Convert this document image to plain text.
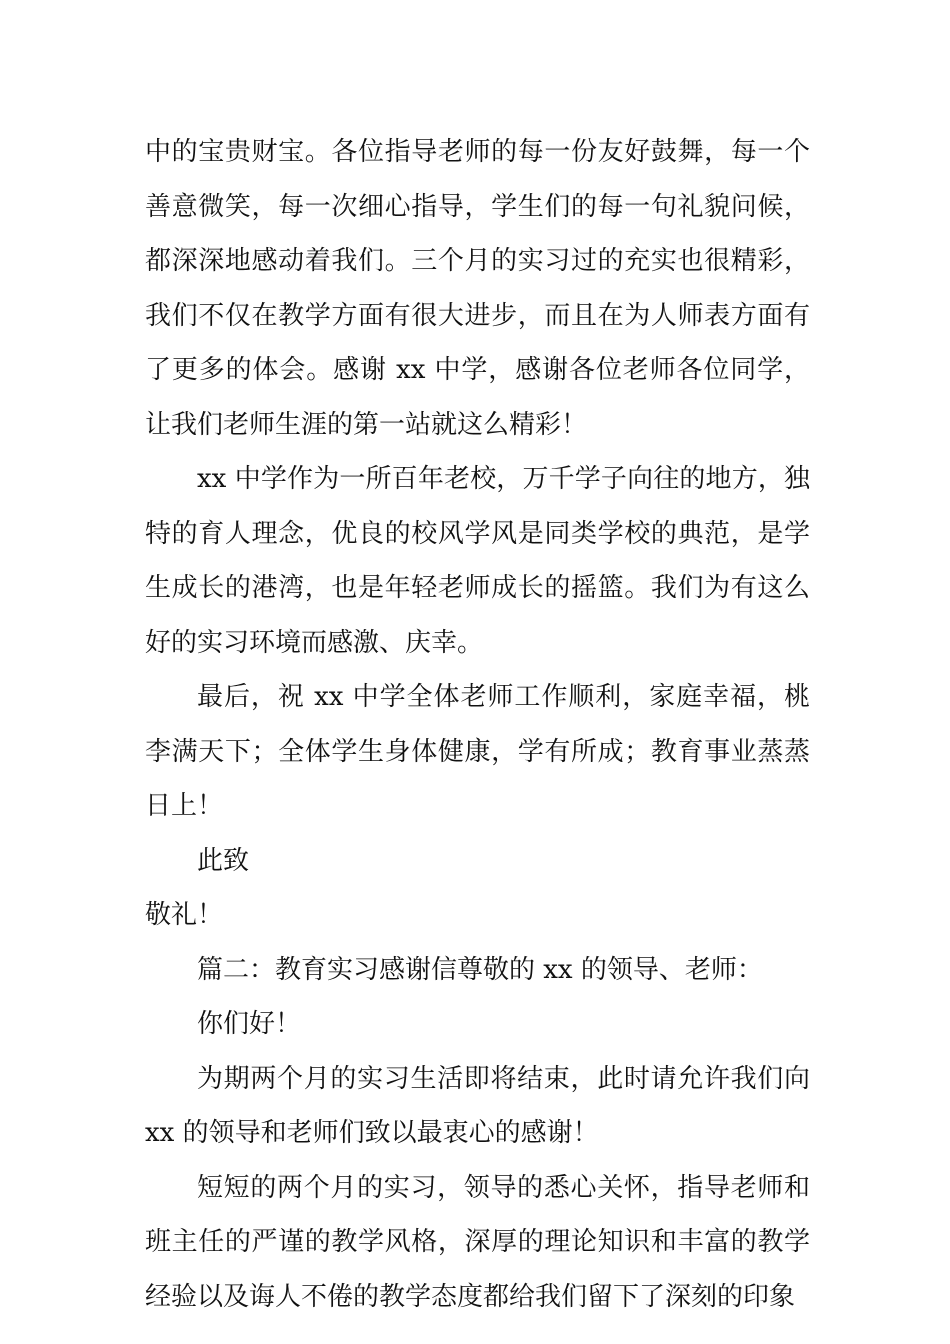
中的宝贵财宝。各位指导老师的每一份友好鼓舞，每一个善意微笑，每一次细心指导，学生们的每一句礼貌问候，都深深地感动着我们。三个月的实习过的充实也很精彩，我们不仅在教学方面有很大进步，而且在为人师表方面有了更多的体会。感谢 xx 中学，感谢各位老师各位同学，让我们老师生涯的第一站就这么精彩！

xx 中学作为一所百年老校，万千学子向往的地方，独特的育人理念，优良的校风学风是同类学校的典范，是学生成长的港湾，也是年轻老师成长的摇篮。我们为有这么好的实习环境而感激、庆幸。

最后，祝 xx 中学全体老师工作顺利，家庭幸福，桃李满天下；全体学生身体健康，学有所成；教育事业蒸蒸日上！

此致

敬礼！

篇二：教育实习感谢信尊敬的 xx 的领导、老师：

你们好！

为期两个月的实习生活即将结束，此时请允许我们向 xx 的领导和老师们致以最衷心的感谢！

短短的两个月的实习，领导的悉心关怀，指导老师和班主任的严谨的教学风格，深厚的理论知识和丰富的教学经验以及诲人不倦的教学态度都给我们留下了深刻的印象
